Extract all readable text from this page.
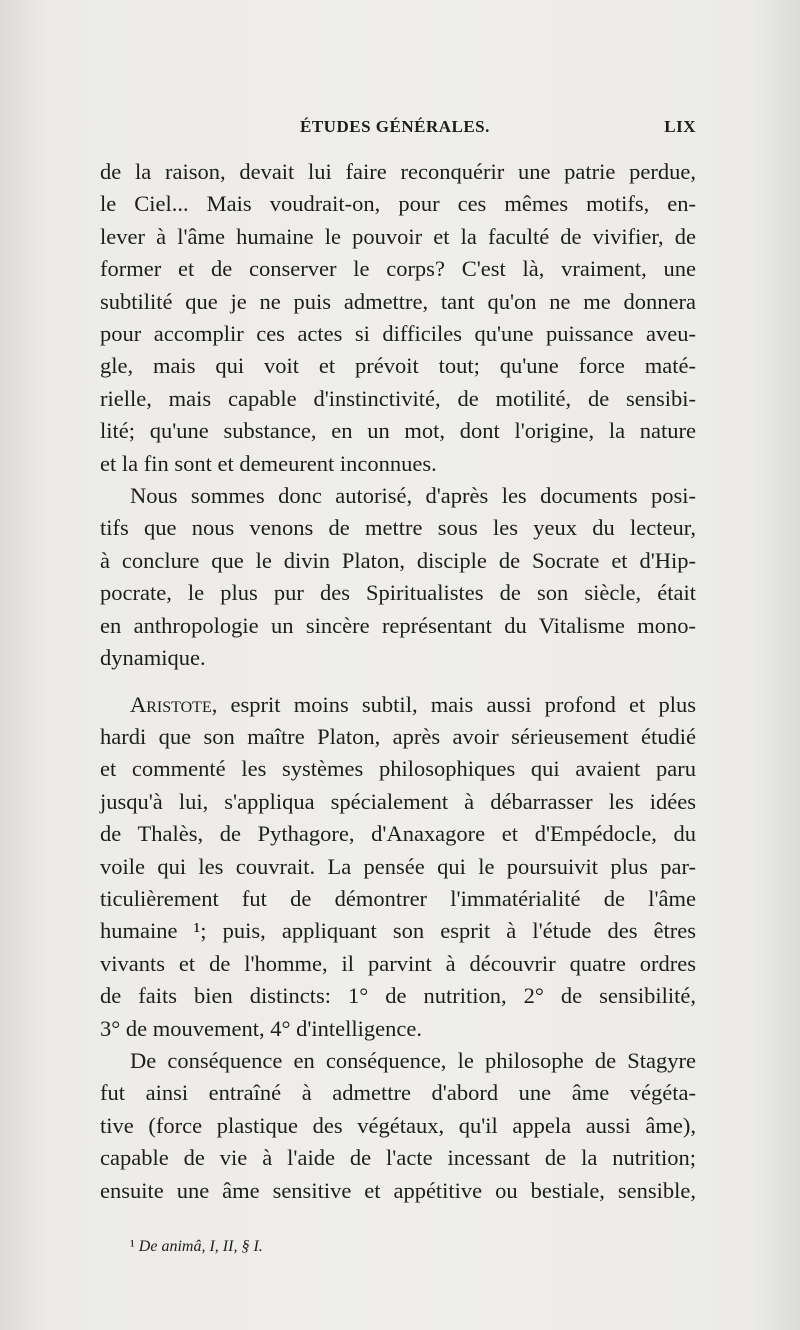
ÉTUDES GÉNÉRALES.	LIX
de la raison, devait lui faire reconquérir une patrie perdue,
le Ciel... Mais voudrait-on, pour ces mêmes motifs, en-
lever à l'âme humaine le pouvoir et la faculté de vivifier, de
former et de conserver le corps? C'est là, vraiment, une
subtilité que je ne puis admettre, tant qu'on ne me donnera
pour accomplir ces actes si difficiles qu'une puissance aveu-
gle, mais qui voit et prévoit tout; qu'une force maté-
rielle, mais capable d'instinctivité, de motilité, de sensibi-
lité; qu'une substance, en un mot, dont l'origine, la nature
et la fin sont et demeurent inconnues.
Nous sommes donc autorisé, d'après les documents posi-
tifs que nous venons de mettre sous les yeux du lecteur,
à conclure que le divin Platon, disciple de Socrate et d'Hip-
pocrate, le plus pur des Spiritualistes de son siècle, était
en anthropologie un sincère représentant du Vitalisme mono-
dynamique.
Aristote, esprit moins subtil, mais aussi profond et plus
hardi que son maître Platon, après avoir sérieusement étudié
et commenté les systèmes philosophiques qui avaient paru
jusqu'à lui, s'appliqua spécialement à débarrasser les idées
de Thalès, de Pythagore, d'Anaxagore et d'Empédocle, du
voile qui les couvrait. La pensée qui le poursuivit plus par-
ticulièrement fut de démontrer l'immatérialité de l'âme
humaine ¹; puis, appliquant son esprit à l'étude des êtres
vivants et de l'homme, il parvint à découvrir quatre ordres
de faits bien distincts: 1° de nutrition, 2° de sensibilité,
3° de mouvement, 4° d'intelligence.
De conséquence en conséquence, le philosophe de Stagyre
fut ainsi entraîné à admettre d'abord une âme végéta-
tive (force plastique des végétaux, qu'il appela aussi âme),
capable de vie à l'aide de l'acte incessant de la nutrition;
ensuite une âme sensitive et appétitive ou bestiale, sensible,
¹ De animâ, I, II, § I.
